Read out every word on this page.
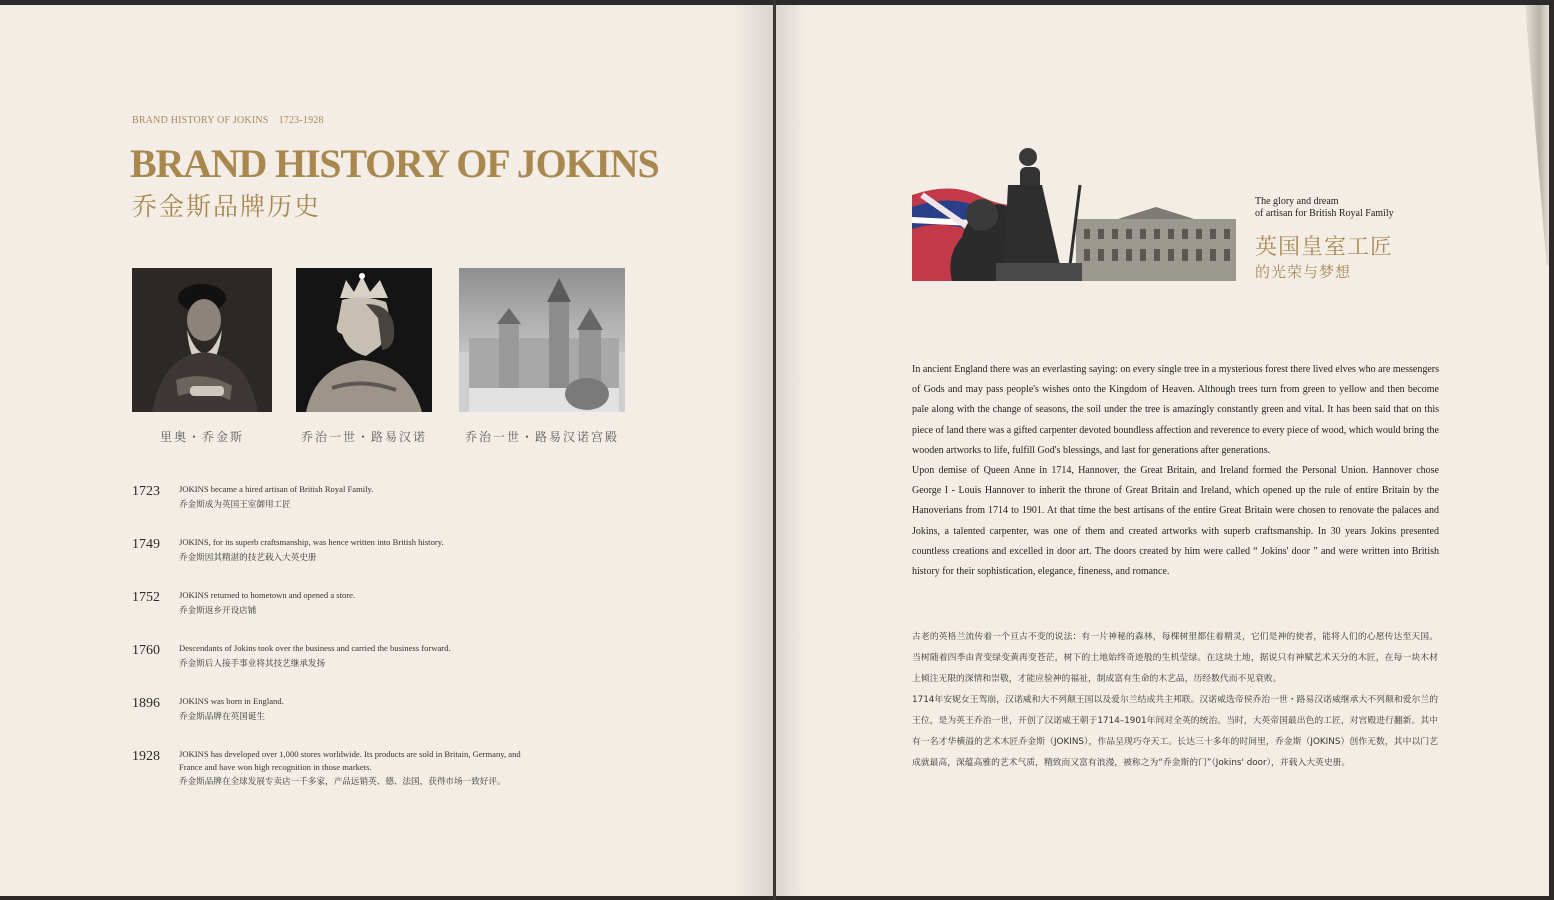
BRAND HISTORY OF JOKINS 1723-1928
BRAND HISTORY OF JOKINS
乔金斯品牌历史
里奥・乔金斯	乔治一世・路易汉诺	乔治一世・路易汉诺宫殿
1723 JOKINS became a hired artisan of British Royal Family.
乔金斯成为英国王室御用工匠
1749 JOKINS, for its superb craftsmanship, was hence written into British history.
乔金斯因其精湛的技艺载入大英史册
1752 JOKINS returned to hometown and opened a store.
乔金斯返乡开设店铺
1760 Descendants of Jokins took over the business and carried the business forward.
乔金斯后人接手事业将其技艺继承发扬
1896 JOKINS was born in England.
乔金斯品牌在英国诞生
1928 JOKINS has developed over 1,000 stores worldwide. Its products are sold in Britain, Germany, and France and have won high recognition in those markets.
乔金斯品牌在全球发展专卖店一千多家，产品远销英、德、法国，获得市场一致好评。
The glory and dream
of artisan for British Royal Family
英国皇室工匠
的光荣与梦想

In ancient England there was an everlasting saying: on every single tree in a mysterious forest there lived elves who are messengers of Gods and may pass people's wishes onto the Kingdom of Heaven. Although trees turn from green to yellow and then become pale along with the change of seasons, the soil under the tree is amazingly constantly green and vital. It has been said that on this piece of land there was a gifted carpenter devoted boundless affection and reverence to every piece of wood, which would bring the wooden artworks to life, fulfill God's blessings, and last for generations after generations.

Upon demise of Queen Anne in 1714, Hannover, the Great Britain, and Ireland formed the Personal Union. Hannover chose George I - Louis Hannover to inherit the throne of Great Britain and Ireland, which opened up the rule of entire Britain by the Hanoverians from 1714 to 1901. At that time the best artisans of the entire Great Britain were chosen to renovate the palaces and Jokins, a talented carpenter, was one of them and created artworks with superb craftsmanship. In 30 years Jokins presented countless creations and excelled in door art. The doors created by him were called “ Jokins' door ” and were written into British history for their sophistication, elegance, fineness, and romance.

古老的英格兰流传着一个亘古不变的说法：有一片神秘的森林，每棵树里都住着精灵，它们是神的使者，能将人们的心愿传达至天国。当树随着四季由青变绿变黄再变苍茫，树下的土地始终奇迹般的生机莹绿。在这块土地，据说只有神赋艺术天分的木匠，在每一块木材上倾注无限的深情和崇敬，才能应验神的福祉，制成富有生命的木艺品，历经数代而不见衰败。

1714年安妮女王驾崩，汉诺威和大不列颠王国以及爱尔兰结成共主邦联。汉诺威选帝侯乔治一世・路易汉诺威继承大不列颠和爱尔兰的王位，是为英王乔治一世，开创了汉诺威王朝于1714–1901年间对全英的统治。当时，大英帝国最出色的工匠，对宫殿进行翻新。其中有一名才华横溢的艺术木匠乔金斯（JOKINS），作品呈现巧夺天工。长达三十多年的时间里，乔金斯（JOKINS）创作无数，其中以门艺成就最高，深蕴高雅的艺术气质，精致而又富有浪漫，被称之为“乔金斯的门”（Jokins' door），并载入大英史册。
